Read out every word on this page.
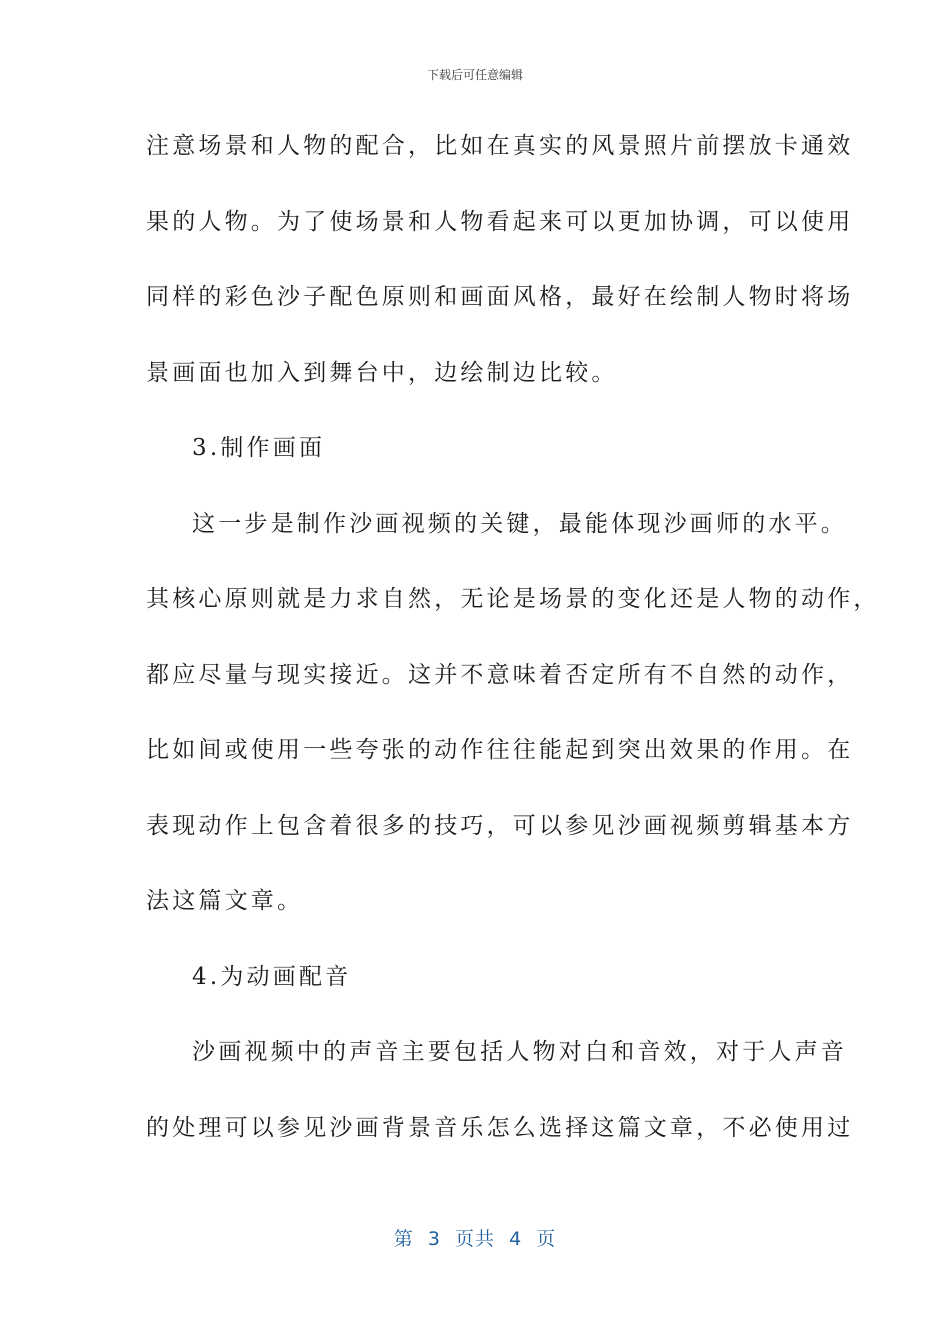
下载后可任意编辑
注意场景和人物的配合，比如在真实的风景照片前摆放卡通效
果的人物。为了使场景和人物看起来可以更加协调，可以使用
同样的彩色沙子配色原则和画面风格，最好在绘制人物时将场
景画面也加入到舞台中，边绘制边比较。
3.制作画面
这一步是制作沙画视频的关键，最能体现沙画师的水平。
其核心原则就是力求自然，无论是场景的变化还是人物的动作，
都应尽量与现实接近。这并不意味着否定所有不自然的动作，
比如间或使用一些夸张的动作往往能起到突出效果的作用。在
表现动作上包含着很多的技巧，可以参见沙画视频剪辑基本方
法这篇文章。
4.为动画配音
沙画视频中的声音主要包括人物对白和音效，对于人声音
的处理可以参见沙画背景音乐怎么选择这篇文章，不必使用过
第  3  页共  4  页
